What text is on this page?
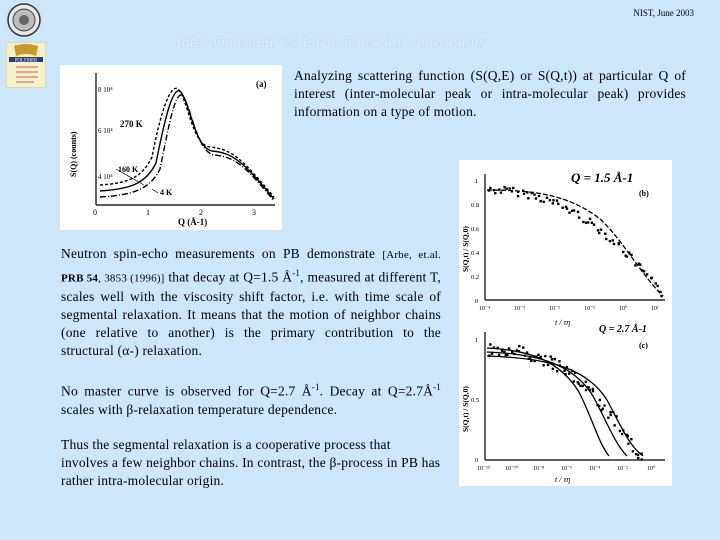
NIST, June 2003
POLYMER
Inter-molecular vs Intra-molecular relaxations
Analyzing scattering function (S(Q,E) or S(Q,t)) at particular Q of interest (inter-molecular peak or intra-molecular peak) provides information on a type of motion.
S(Q) (counts)
8 10⁴
6 10⁴
4 10⁴
0	1	2	3
Q (Å-1)
(a)
270 K
160 K
4 K
Neutron spin-echo measurements on PB demonstrate [Arbe, et.al. PRB 54, 3853 (1996)] that decay at Q=1.5 $Å^{-1}$, measured at different T, scales well with the viscosity shift factor, i.e. with time scale of segmental relaxation. It means that the motion of neighbor chains (one relative to another) is the primary contribution to the structural (α-) relaxation.
No master curve is observed for Q=2.7 $Å^{-1}$. Decay at $Q=2.7Å^{-1}$ scales with β-relaxation temperature dependence.
Thus the segmental relaxation is a cooperative process that involves a few neighbor chains. In contrast, the β-process in PB has rather intra-molecular origin.
S(Q,t) / S(Q,0)
1
0.8
0.6
0.4
0.2
0
10⁻⁴	10⁻³	10⁻²	10⁻¹	10⁰	10¹
t / τη
Q = 1.5 Å-1
(b)
S(Q,t) / S(Q,0)
1
0.5
0
10⁻¹²	10⁻¹⁰ 10⁻⁸	10⁻⁶	10⁻⁴	10⁻²	10⁰
t / τη
Q = 2.7 Å-1
(c)
